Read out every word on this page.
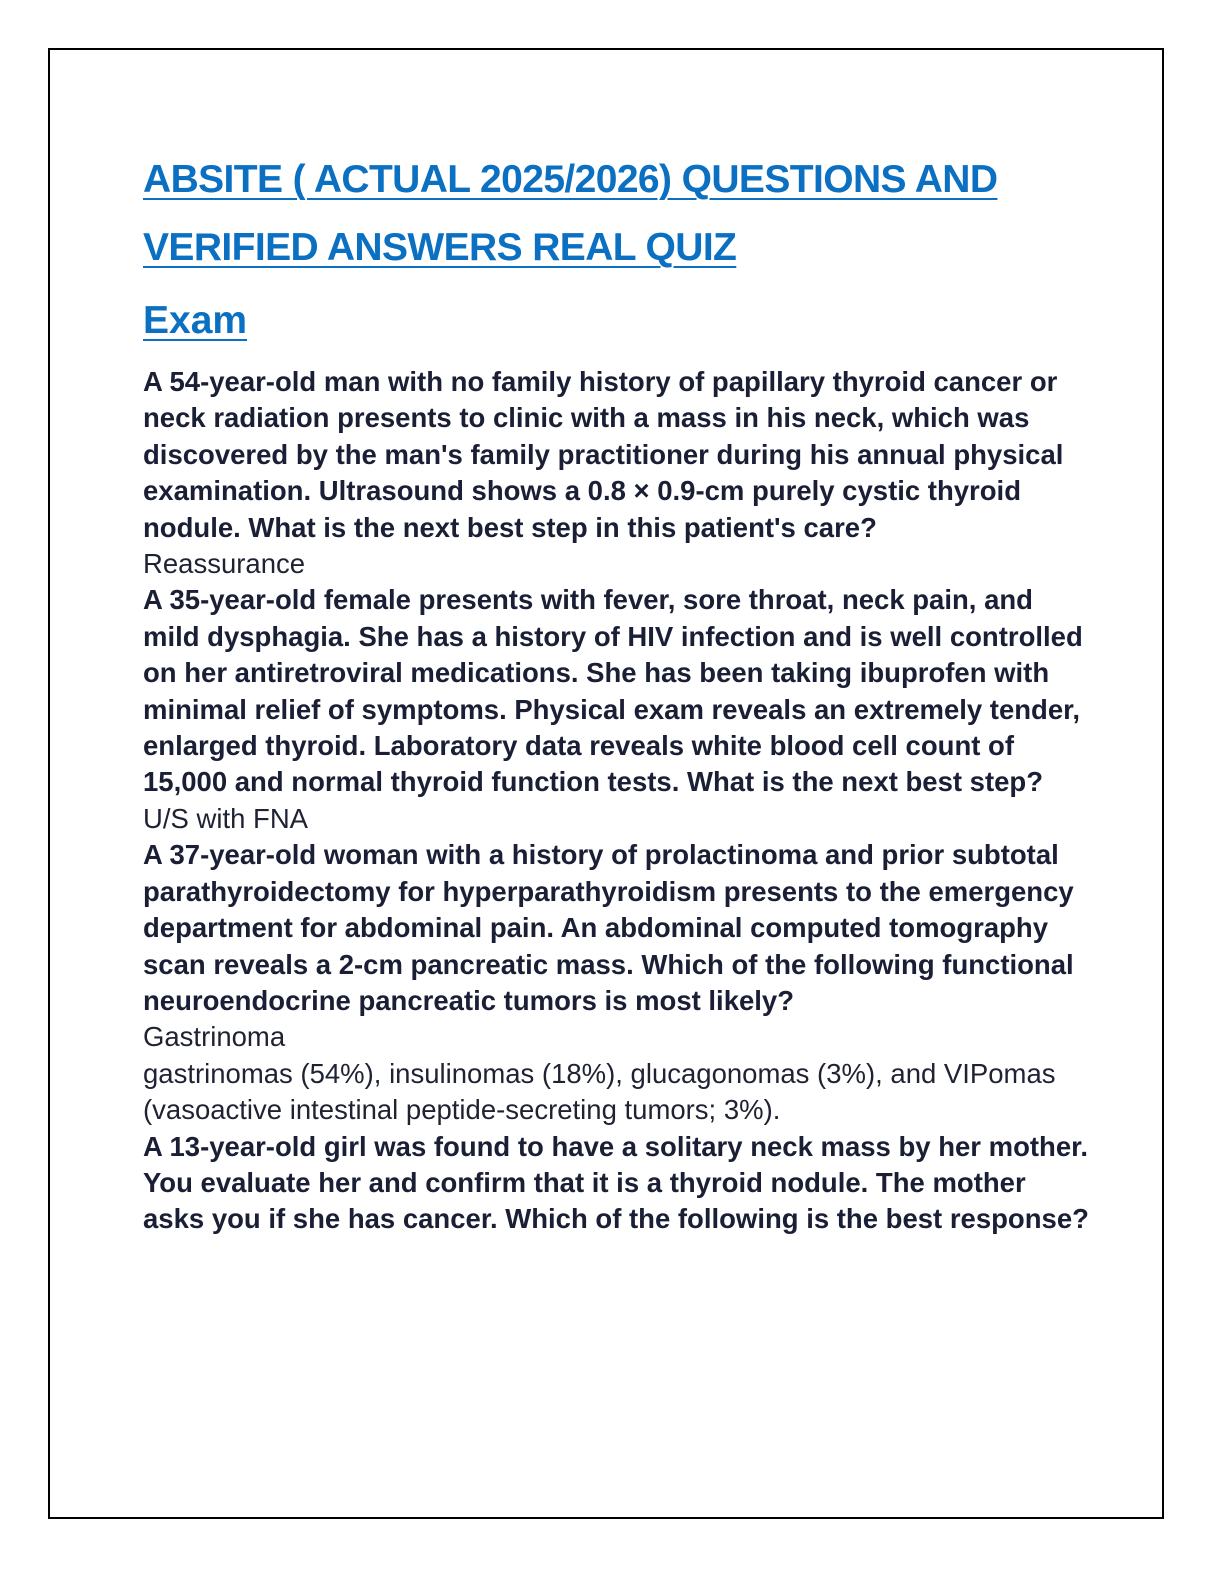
ABSITE ( ACTUAL 2025/2026) QUESTIONS AND
VERIFIED ANSWERS REAL QUIZ
Exam

A 54-year-old man with no family history of papillary thyroid cancer or neck radiation presents to clinic with a mass in his neck, which was discovered by the man's family practitioner during his annual physical examination. Ultrasound shows a 0.8 × 0.9-cm purely cystic thyroid nodule. What is the next best step in this patient's care?

Reassurance

A 35-year-old female presents with fever, sore throat, neck pain, and mild dysphagia. She has a history of HIV infection and is well controlled on her antiretroviral medications. She has been taking ibuprofen with minimal relief of symptoms. Physical exam reveals an extremely tender, enlarged thyroid. Laboratory data reveals white blood cell count of 15,000 and normal thyroid function tests. What is the next best step?

U/S with FNA

A 37-year-old woman with a history of prolactinoma and prior subtotal parathyroidectomy for hyperparathyroidism presents to the emergency department for abdominal pain. An abdominal computed tomography scan reveals a 2-cm pancreatic mass. Which of the following functional neuroendocrine pancreatic tumors is most likely?

Gastrinoma

gastrinomas (54%), insulinomas (18%), glucagonomas (3%), and VIPomas (vasoactive intestinal peptide-secreting tumors; 3%).

A 13-year-old girl was found to have a solitary neck mass by her mother. You evaluate her and confirm that it is a thyroid nodule. The mother asks you if she has cancer. Which of the following is the best response?
